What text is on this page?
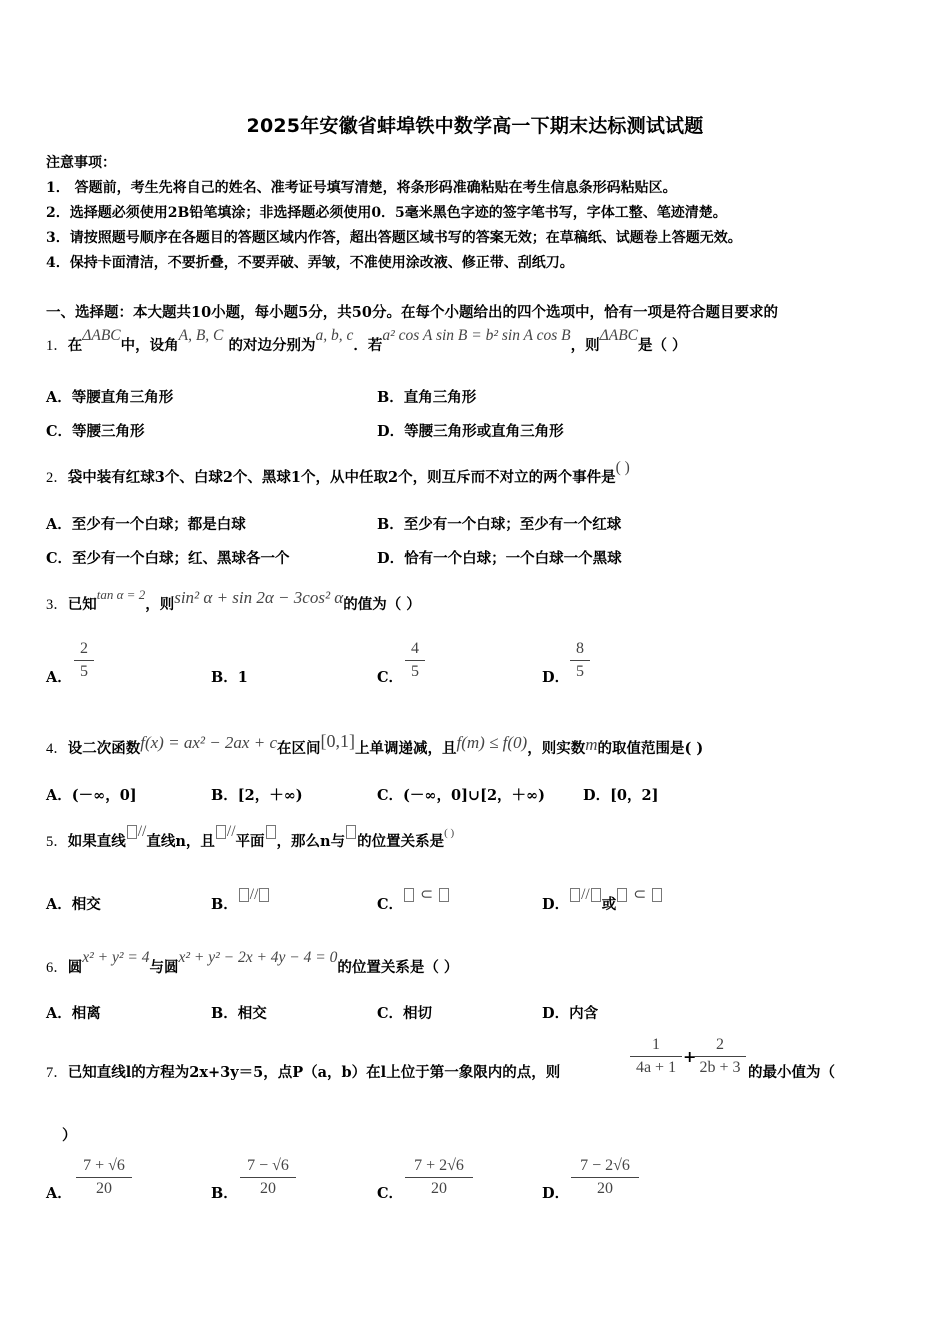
2025年安徽省蚌埠铁中数学高一下期末达标测试试题
注意事项：
1． 答题前，考生先将自己的姓名、准考证号填写清楚，将条形码准确粘贴在考生信息条形码粘贴区。
2．选择题必须使用2B铅笔填涂；非选择题必须使用0．5毫米黑色字迹的签字笔书写，字体工整、笔迹清楚。
3．请按照题号顺序在各题目的答题区域内作答，超出答题区域书写的答案无效；在草稿纸、试题卷上答题无效。
4．保持卡面清洁，不要折叠，不要弄破、弄皱，不准使用涂改液、修正带、刮纸刀。
一、选择题：本大题共10小题，每小题5分，共50分。在每个小题给出的四个选项中，恰有一项是符合题目要求的
1．在ΔABC中，设角A, B, C 的对边分别为a, b, c．若a² cos A sin B = b² sin A cos B，则ΔABC是（ ）
A．等腰直角三角形	B．直角三角形
C．等腰三角形	D．等腰三角形或直角三角形
2．袋中装有红球3个、白球2个、黑球1个，从中任取2个，则互斥而不对立的两个事件是( )
A．至少有一个白球；都是白球	B．至少有一个白球；至少有一个红球
C．至少有一个白球；红、黑球各一个	D．恰有一个白球；一个白球一个黑球
3．已知tan α = 2，则sin² α + sin 2α − 3cos² α的值为（ ）
A．
2
5	B．1	C．
4
5	D．
8
5
4．设二次函数f(x) = ax² − 2ax + c在区间[0,1]上单调递减，且f(m) ≤ f(0)，则实数m的取值范围是( )
A．(－∞，0]	B．[2，＋∞)	C．(－∞，0]∪[2，＋∞)	D．[0，2]
5．如果直线//直线n，且//平面 ，那么n与 的位置关系是( )
A．相交	B．//
C． ⊂
D．//或 ⊂
6．圆x² + y² = 4与圆x² + y² − 2x + 4y − 4 = 0的位置关系是（ ）
A．相离	B．相交	C．相切	D．内含
7．已知直线l的方程为2x+3y＝5，点P（a，b）在l上位于第一象限内的点，则
1
4a + 1
+
2
2b + 3 的最小值为（
）
A．
7 + √6
20	B．
7 − √6
20	C．
7 + 2√6
20	D．
7 − 2√6
20
